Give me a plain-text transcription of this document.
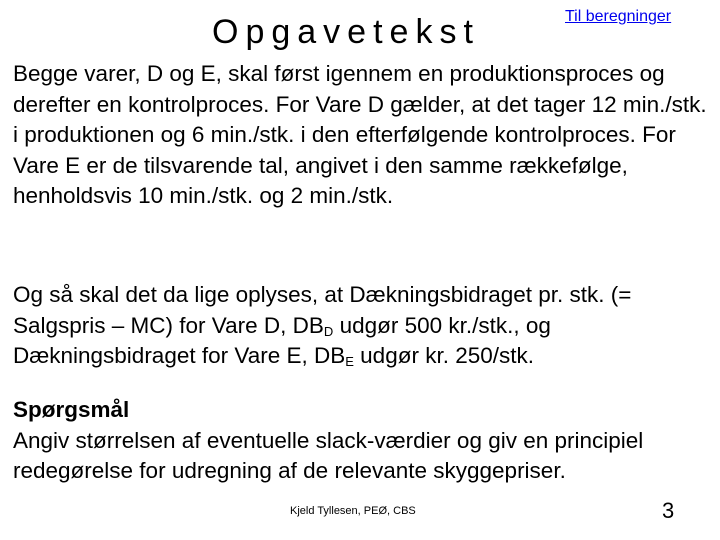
Opgavetekst	Til beregninger

Begge varer, D og E, skal først igennem en produktionsproces og derefter en kontrolproces. For Vare D gælder, at det tager 12 min./stk. i produktionen og 6 min./stk. i den efterfølgende kontrolproces. For Vare E er de tilsvarende tal, angivet i den samme rækkefølge, henholdsvis 10 min./stk. og 2 min./stk.

Og så skal det da lige oplyses, at Dækningsbidraget pr. stk. (= Salgspris – MC) for Vare D, $DB_D$ udgør 500 kr./stk., og Dækningsbidraget for Vare E, $DB_E$ udgør kr. 250/stk.

Spørgsmål
Angiv størrelsen af eventuelle slack-værdier og giv en principiel redegørelse for udregning af de relevante skyggepriser.

Kjeld Tyllesen, PEØ, CBS	3
